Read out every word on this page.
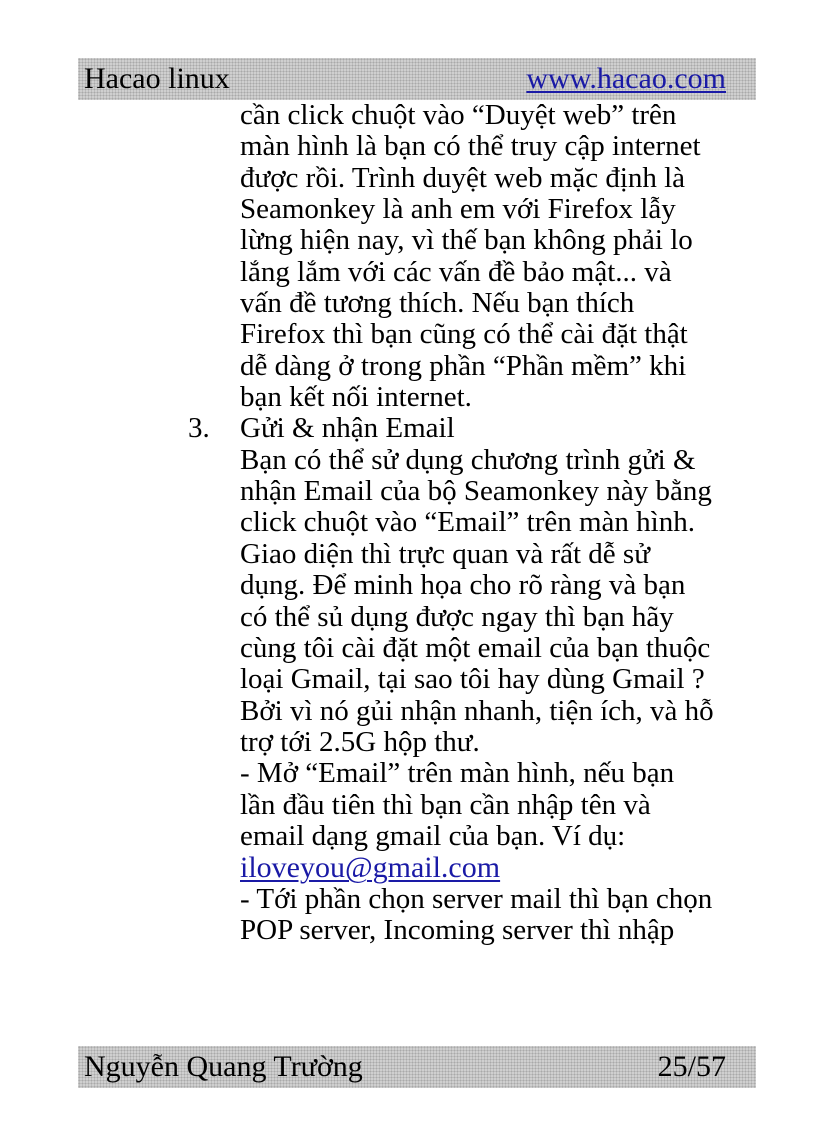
Hacao linux	www.hacao.com
cần click chuột vào “Duyệt web” trên
màn hình là bạn có thể truy cập internet
được rồi. Trình duyệt web mặc định là
Seamonkey là anh em với Firefox lẫy
lừng hiện nay, vì thế bạn không phải lo
lắng lắm với các vấn đề bảo mật... và
vấn đề tương thích. Nếu bạn thích
Firefox thì bạn cũng có thể cài đặt thật
dễ dàng ở trong phần “Phần mềm” khi
bạn kết nối internet.
3. Gửi & nhận Email
Bạn có thể sử dụng chương trình gửi &
nhận Email của bộ Seamonkey này bằng
click chuột vào “Email” trên màn hình.
Giao diện thì trực quan và rất dễ sử
dụng. Để minh họa cho rõ ràng và bạn
có thể sủ dụng được ngay thì bạn hãy
cùng tôi cài đặt một email của bạn thuộc
loại Gmail, tại sao tôi hay dùng Gmail ?
Bởi vì nó gủi nhận nhanh, tiện ích, và hỗ
trợ tới 2.5G hộp thư.
- Mở “Email” trên màn hình, nếu bạn
lần đầu tiên thì bạn cần nhập tên và
email dạng gmail của bạn. Ví dụ:
iloveyou@gmail.com
- Tới phần chọn server mail thì bạn chọn
POP server, Incoming server thì nhập
Nguyễn Quang Trường	25/57
